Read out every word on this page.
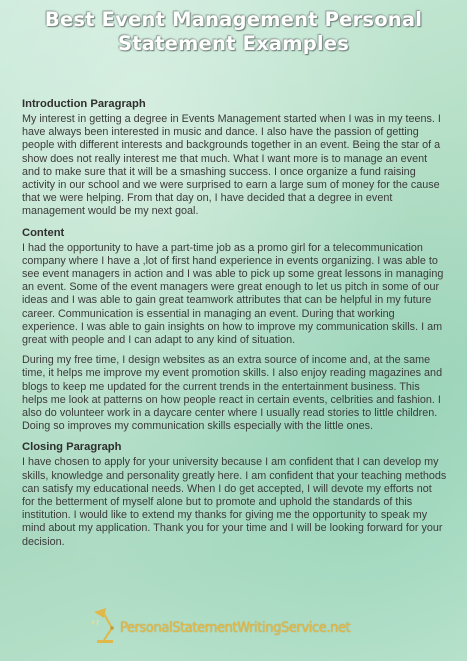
Best Event Management Personal
Statement Examples
Introduction Paragraph

My interest in getting a degree in Events Management started when I was in my teens. I have always been interested in music and dance. I also have the passion of getting people with different interests and backgrounds together in an event. Being the star of a show does not really interest me that much. What I want more is to manage an event and to make sure that it will be a smashing success. I once organize a fund raising activity in our school and we were surprised to earn a large sum of money for the cause that we were helping. From that day on, I have decided that a degree in event management would be my next goal.

Content

I had the opportunity to have a part-time job as a promo girl for a telecommunication company where I have a ,lot of first hand experience in events organizing. I was able to see event managers in action and I was able to pick up some great lessons in managing an event. Some of the event managers were great enough to let us pitch in some of our ideas and I was able to gain great teamwork attributes that can be helpful in my future career. Communication is essential in managing an event. During that working experience. I was able to gain insights on how to improve my communication skills. I am great with people and I can adapt to any kind of situation.

During my free time, I design websites as an extra source of income and, at the same time, it helps me improve my event promotion skills. I also enjoy reading magazines and blogs to keep me updated for the current trends in the entertainment business. This helps me look at patterns on how people react in certain events, celbrities and fashion. I also do volunteer work in a daycare center where I usually read stories to little children. Doing so improves my communication skills especially with the little ones.

Closing Paragraph

I have chosen to apply for your university because I am confident that I can develop my skills, knowledge and personality greatly here. I am confident that your teaching methods can satisfy my educational needs. When I do get accepted, I will devote my efforts not for the betterment of myself alone but to promote and uphold the standards of this institution. I would like to extend my thanks for giving me the opportunity to speak my mind about my application. Thank you for your time and I will be looking forward for your decision.

PersonalStatementWritingService.net
